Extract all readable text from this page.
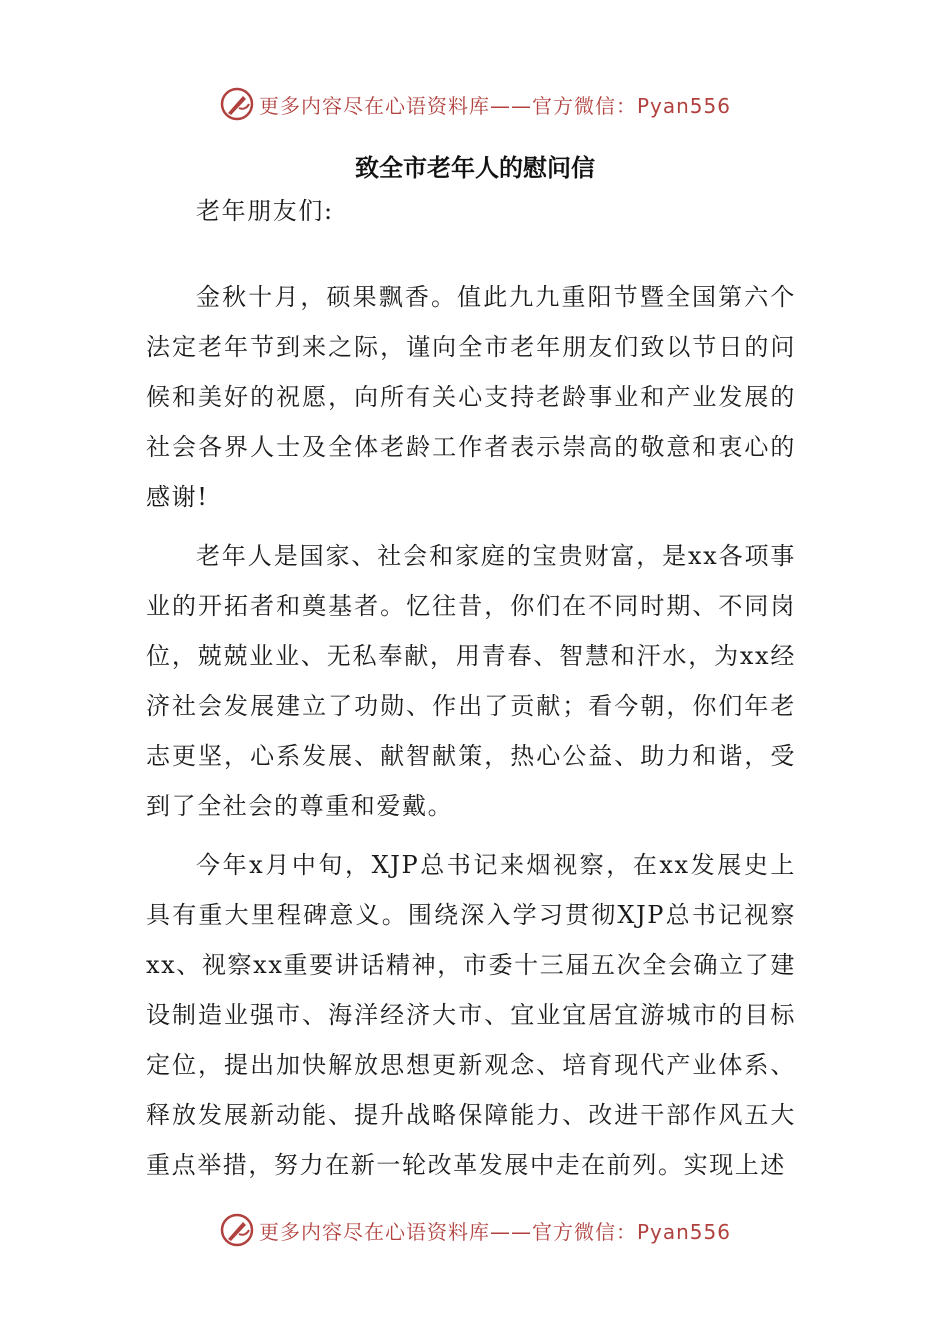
更多内容尽在心语资料库——官方微信：Pyan556
致全市老年人的慰问信
老年朋友们:

金秋十月，硕果飘香。值此九九重阳节暨全国第六个法定老年节到来之际，谨向全市老年朋友们致以节日的问候和美好的祝愿，向所有关心支持老龄事业和产业发展的社会各界人士及全体老龄工作者表示崇高的敬意和衷心的感谢!

老年人是国家、社会和家庭的宝贵财富，是xx各项事业的开拓者和奠基者。忆往昔，你们在不同时期、不同岗位，兢兢业业、无私奉献，用青春、智慧和汗水，为xx经济社会发展建立了功勋、作出了贡献；看今朝，你们年老志更坚，心系发展、献智献策，热心公益、助力和谐，受到了全社会的尊重和爱戴。

今年x月中旬，XJP总书记来烟视察，在xx发展史上具有重大里程碑意义。围绕深入学习贯彻XJP总书记视察xx、视察xx重要讲话精神，市委十三届五次全会确立了建设制造业强市、海洋经济大市、宜业宜居宜游城市的目标定位，提出加快解放思想更新观念、培育现代产业体系、释放发展新动能、提升战略保障能力、改进干部作风五大重点举措，努力在新一轮改革发展中走在前列。实现上述

更多内容尽在心语资料库——官方微信：Pyan556
